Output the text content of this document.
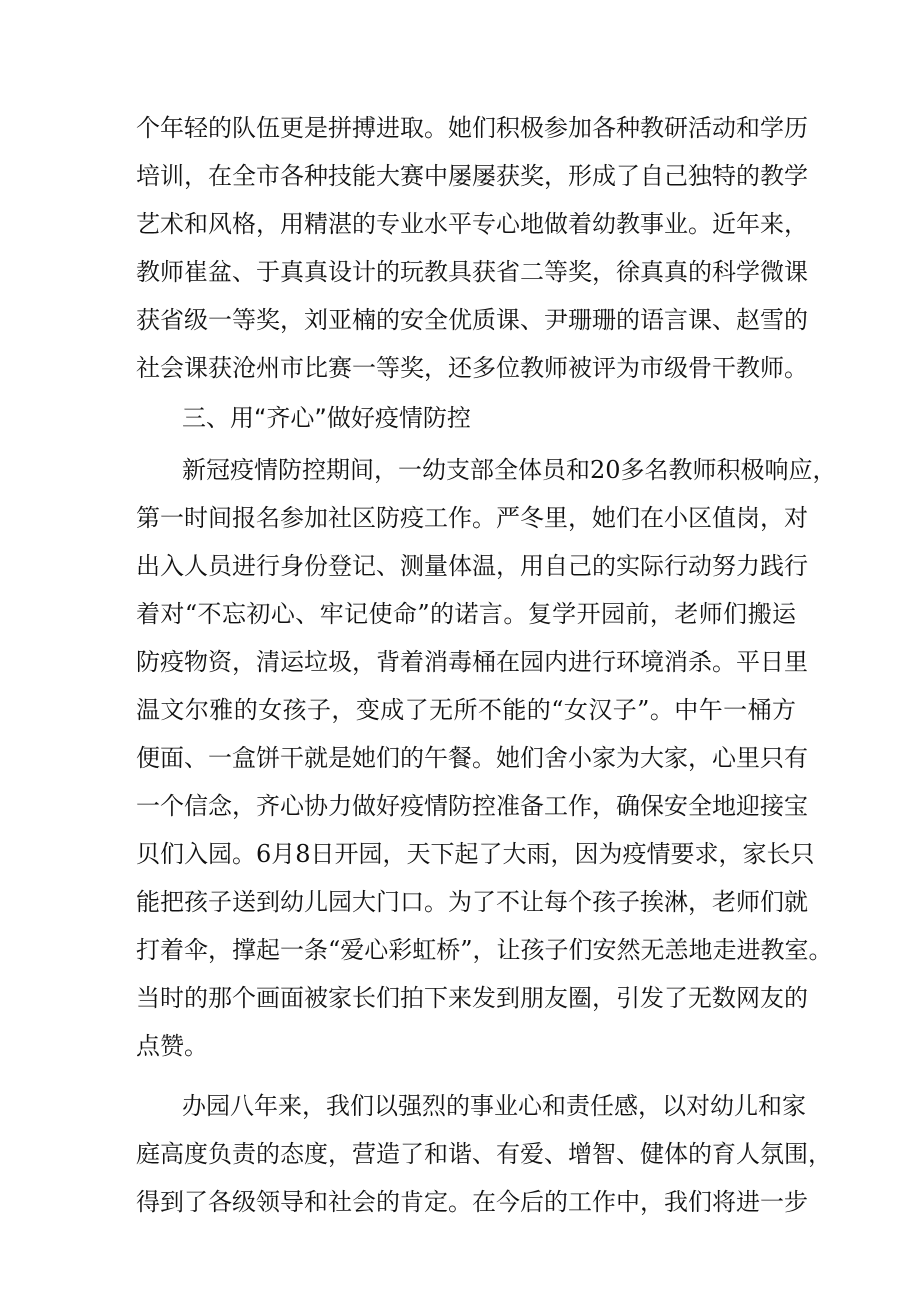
个年轻的队伍更是拼搏进取。她们积极参加各种教研活动和学历
培训，在全市各种技能大赛中屡屡获奖，形成了自己独特的教学
艺术和风格，用精湛的专业水平专心地做着幼教事业。近年来，
教师崔盆、于真真设计的玩教具获省二等奖，徐真真的科学微课
获省级一等奖，刘亚楠的安全优质课、尹珊珊的语言课、赵雪的
社会课获沧州市比赛一等奖，还多位教师被评为市级骨干教师。
三、用“齐心”做好疫情防控
新冠疫情防控期间，一幼支部全体员和20多名教师积极响应，
第一时间报名参加社区防疫工作。严冬里，她们在小区值岗，对
出入人员进行身份登记、测量体温，用自己的实际行动努力践行
着对“不忘初心、牢记使命”的诺言。复学开园前，老师们搬运
防疫物资，清运垃圾，背着消毒桶在园内进行环境消杀。平日里
温文尔雅的女孩子，变成了无所不能的“女汉子”。中午一桶方
便面、一盒饼干就是她们的午餐。她们舍小家为大家，心里只有
一个信念，齐心协力做好疫情防控准备工作，确保安全地迎接宝
贝们入园。6月8日开园，天下起了大雨，因为疫情要求，家长只
能把孩子送到幼儿园大门口。为了不让每个孩子挨淋，老师们就
打着伞，撑起一条“爱心彩虹桥”，让孩子们安然无恙地走进教室。
当时的那个画面被家长们拍下来发到朋友圈，引发了无数网友的
点赞。
办园八年来，我们以强烈的事业心和责任感，以对幼儿和家
庭高度负责的态度，营造了和谐、有爱、增智、健体的育人氛围，
得到了各级领导和社会的肯定。在今后的工作中，我们将进一步
